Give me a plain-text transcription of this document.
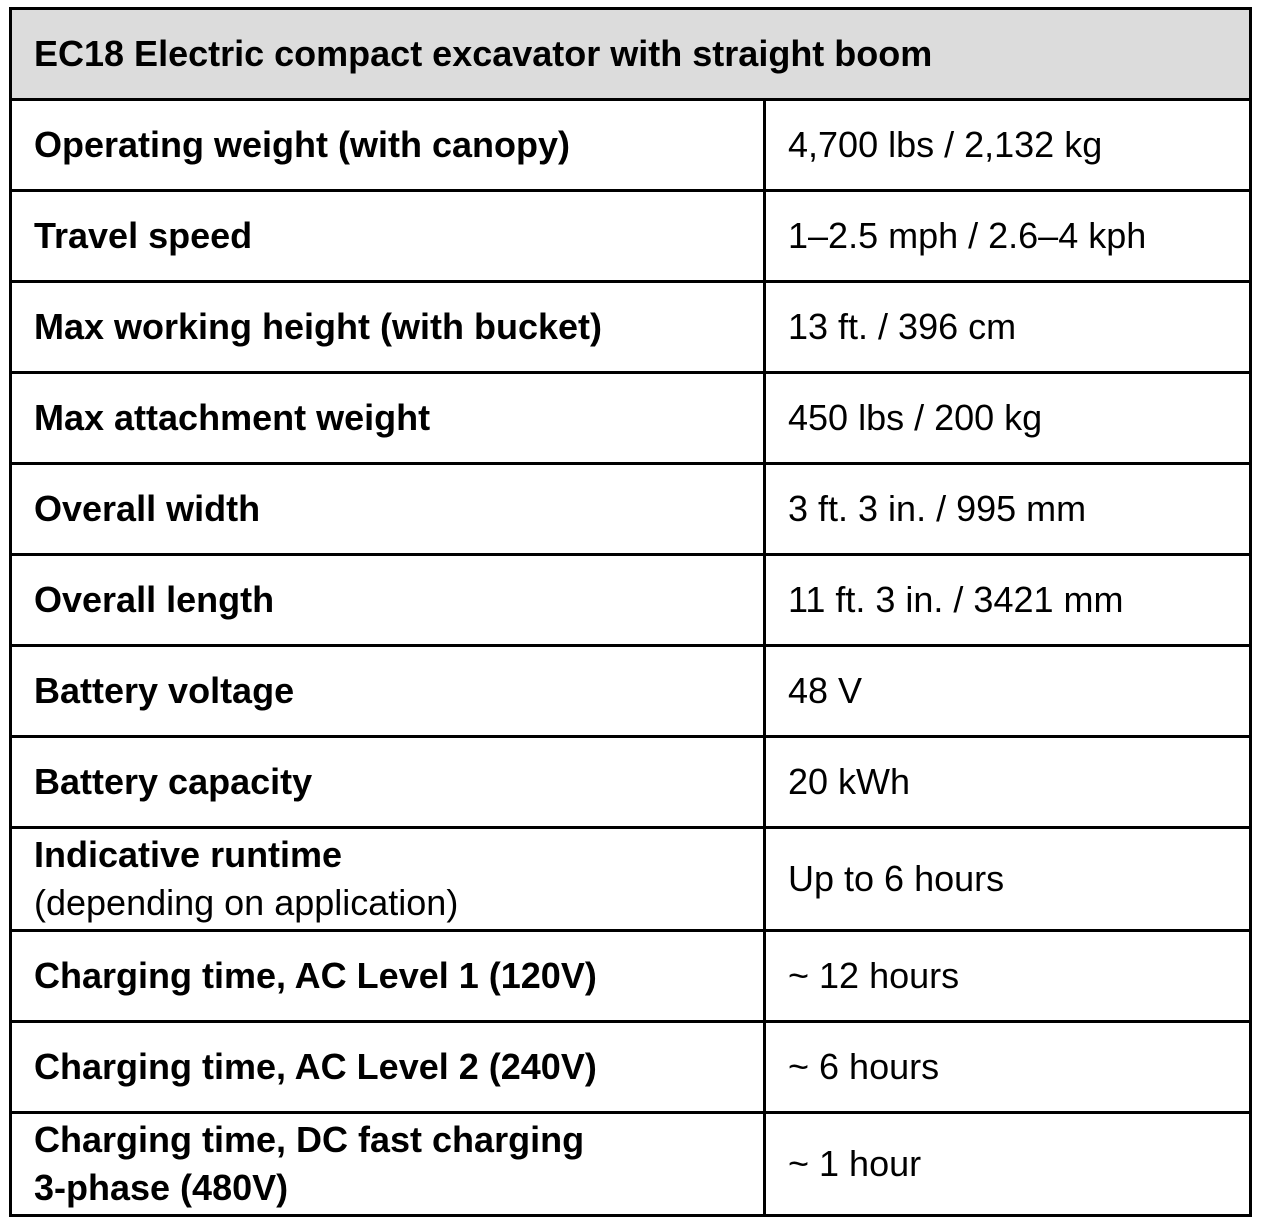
EC18 Electric compact excavator with straight boom	
Operating weight (with canopy)	4,700 lbs / 2,132 kg
Travel speed	1–2.5 mph / 2.6–4 kph
Max working height (with bucket)	13 ft. / 396 cm
Max attachment weight	450 lbs / 200 kg
Overall width	3 ft. 3 in. / 995 mm
Overall length	11 ft. 3 in. / 3421 mm
Battery voltage	48 V
Battery capacity	20 kWh

Indicative runtime
(depending on application)	Up to 6 hours
Charging time, AC Level 1 (120V)	~ 12 hours
Charging time, AC Level 2 (240V)	~ 6 hours

Charging time, DC fast charging
3-phase (480V)	~ 1 hour
